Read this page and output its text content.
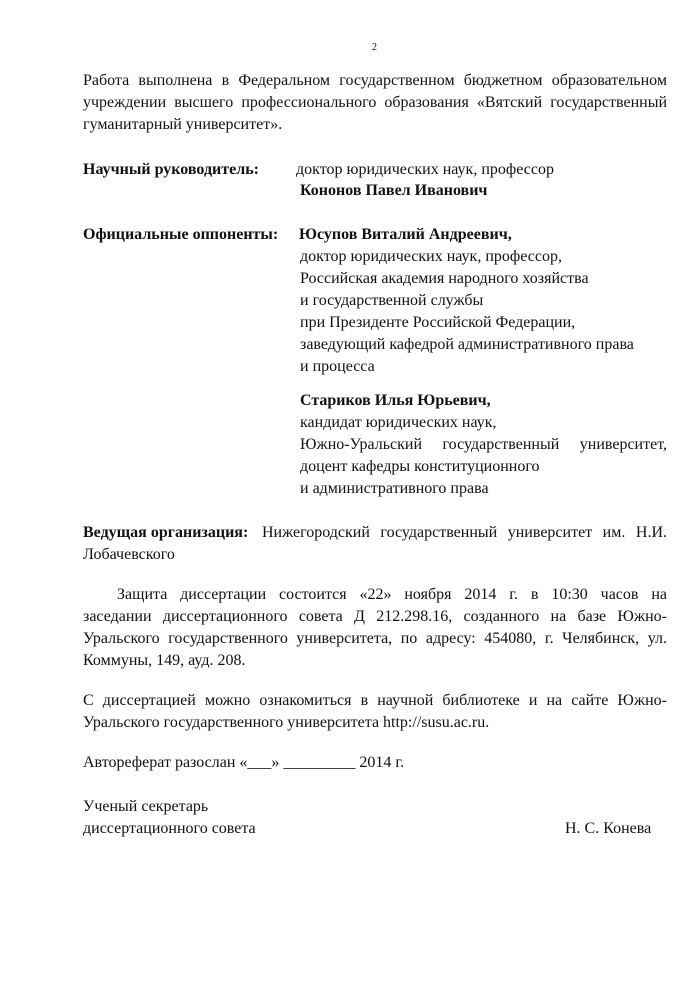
2
Работа выполнена в Федеральном государственном бюджетном образовательном
учреждении высшего профессионального образования «Вятский государственный
гуманитарный университет».
Научный руководитель: доктор юридических наук, профессор
Кононов Павел Иванович
Официальные оппоненты: Юсупов Виталий Андреевич,
доктор юридических наук, профессор,
Российская академия народного хозяйства
и государственной службы
при Президенте Российской Федерации,
заведующий кафедрой административного права
и процесса
Стариков Илья Юрьевич,
кандидат юридических наук,
Южно-Уральский государственный университет,
доцент кафедры конституционного
и административного права
Ведущая организация: Нижегородский государственный университет им. Н.И.
Лобачевского
Защита диссертации состоится «22» ноября 2014 г. в 10:30 часов на
заседании диссертационного совета Д 212.298.16, созданного на базе Южно-
Уральского государственного университета, по адресу: 454080, г. Челябинск, ул.
Коммуны, 149, ауд. 208.
С диссертацией можно ознакомиться в научной библиотеке и на сайте Южно-
Уральского государственного университета http://susu.ac.ru.
Автореферат разослан «___» _________ 2014 г.
Ученый секретарь
диссертационного совета	Н. С. Конева
